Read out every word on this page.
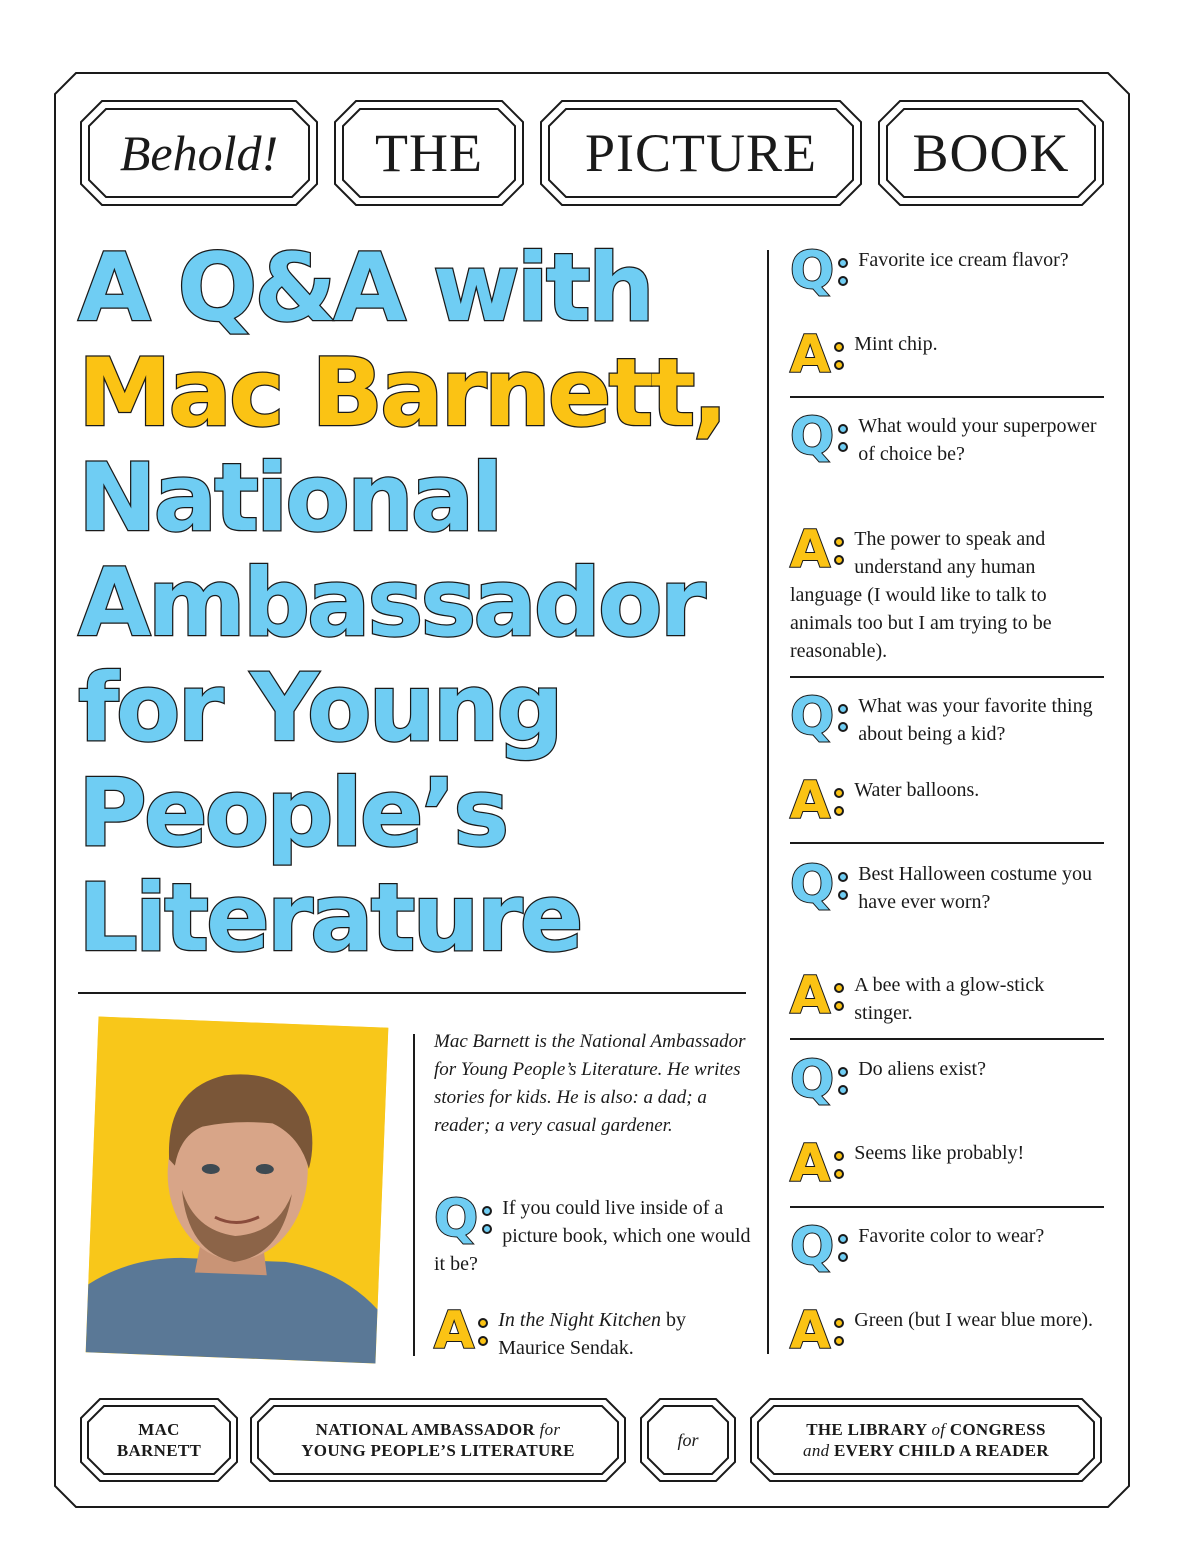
Behold!	THE	PICTURE	BOOK
A Q&A with
Mac Barnett,
National
Ambassador
for Young
People’s
Literature
Mac Barnett is the National Ambassador for Young People’s Literature. He writes stories for kids. He is also: a dad; a reader; a very casual gardener.
Q If you could live inside of a picture book, which one would it be?
A In the Night Kitchen by Maurice Sendak.
Q Favorite ice cream flavor?
A Mint chip.
Q What would your superpower of choice be?
A The power to speak and understand any human language (I would like to talk to animals too but I am trying to be reasonable).
Q What was your favorite thing about being a kid?
A Water balloons.
Q Best Halloween costume you have ever worn?
A A bee with a glow-stick stinger.
Q Do aliens exist?
A Seems like probably!
Q Favorite color to wear?
A Green (but I wear blue more).
MAC
BARNETT
NATIONAL AMBASSADOR for
YOUNG PEOPLE’S LITERATURE
for	THE LIBRARY of CONGRESS
and EVERY CHILD A READER
